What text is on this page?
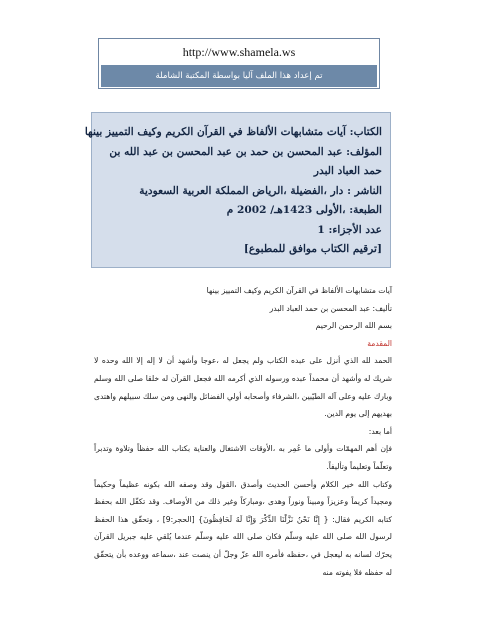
http://www.shamela.ws
تم إعداد هذا الملف آليا بواسطة المكتبة الشاملة
الكتاب: آيات متشابهات الألفاظ في القرآن الكريم وكيف التمييز بينها
المؤلف: عبد المحسن بن حمد بن عبد المحسن بن عبد الله بن حمد العباد البدر
الناشر : دار ،الفضيلة ،الرياض المملكة العربية السعودية
الطبعة: ،الأولى 1423هـ/ 2002 م
عدد الأجزاء: 1
[ترقيم الكتاب موافق للمطبوع]

آيات متشابهات الألفاظ في القرآن الكريم وكيف التمييز بينها

تأليف: عبد المحسن بن حمد العباد البدر

بسم الله الرحمن الرحيم

المقدمة

الحمد لله الذي أنزل على عبده الكتاب ولم يجعل له ،عوجا وأشهد أن لا إله إلا الله وحده لا شريك له وأشهد أن محمداً عبده ورسوله الذي أكرمه الله فجعل القرآن له خلقا صلى الله وسلم وبارك عليه وعلى آله الطيّبين ،الشرفاء وأصحابه أولي الفضائل والنهى ومن سلك سبيلهم واهتدى بهديهم إلى يوم الدين.

أما بعد:

فإن أهم المهمّات وأولى ما عُمِر به ،الأوقات الاشتغال والعناية بكتاب الله حفظاً وتلاوة وتدبراً وتعلّماً وتعليماً وتأليفاً.

وكتاب الله خير الكلام وأحسن الحديث وأصدق ،القول وقد وصفه الله بكونه عظيماً وحكيماً ومجيداً كريماً وعزيزاً ومبيناً ونوراً وهدى ،ومباركاً وغير ذلك من الأوصاف. وقد تكفّل الله بحفظ كتابه الكريم فقال: { إِنَّا نَحْنُ نَزَّلْنَا الذِّكْرَ وَإِنَّا لَهُ لَحَافِظُونَ} [الحجر:9] ، وتحقّق هذا الحفظ لرسول الله صلى الله عليه وسلّم فكان صلى الله عليه وسلّم عندما يُلقي عليه جبريل القرآن يحرّك لسانه به ليعجل في ،حفظه فأمره الله عزّ وجلّ أن ينصت عند ،سماعه ووعده بأن يتحقّق له حفظه فلا يفوته منه
